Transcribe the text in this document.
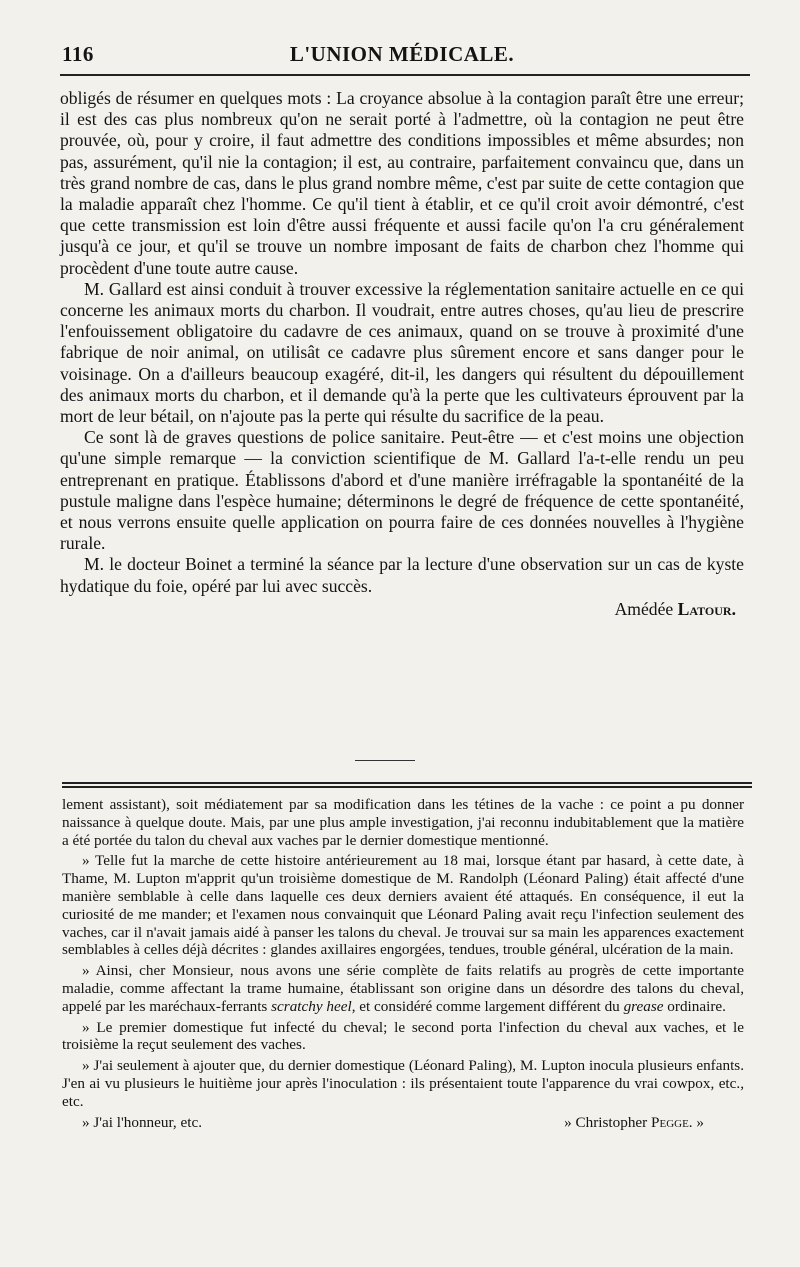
116	L'UNION MÉDICALE.

obligés de résumer en quelques mots : La croyance absolue à la contagion paraît être une erreur; il est des cas plus nombreux qu'on ne serait porté à l'admettre, où la contagion ne peut être prouvée, où, pour y croire, il faut admettre des conditions impossibles et même absurdes; non pas, assurément, qu'il nie la contagion; il est, au contraire, parfaitement convaincu que, dans un très grand nombre de cas, dans le plus grand nombre même, c'est par suite de cette contagion que la maladie apparaît chez l'homme. Ce qu'il tient à établir, et ce qu'il croit avoir démontré, c'est que cette transmission est loin d'être aussi fréquente et aussi facile qu'on l'a cru généralement jusqu'à ce jour, et qu'il se trouve un nombre imposant de faits de charbon chez l'homme qui procèdent d'une toute autre cause.

M. Gallard est ainsi conduit à trouver excessive la réglementation sanitaire actuelle en ce qui concerne les animaux morts du charbon. Il voudrait, entre autres choses, qu'au lieu de prescrire l'enfouissement obligatoire du cadavre de ces animaux, quand on se trouve à proximité d'une fabrique de noir animal, on utilisât ce cadavre plus sûrement encore et sans danger pour le voisinage. On a d'ailleurs beaucoup exagéré, dit-il, les dangers qui résultent du dépouillement des animaux morts du charbon, et il demande qu'à la perte que les cultivateurs éprouvent par la mort de leur bétail, on n'ajoute pas la perte qui résulte du sacrifice de la peau.

Ce sont là de graves questions de police sanitaire. Peut-être — et c'est moins une objection qu'une simple remarque — la conviction scientifique de M. Gallard l'a-t-elle rendu un peu entreprenant en pratique. Établissons d'abord et d'une manière irréfragable la spontanéité de la pustule maligne dans l'espèce humaine; déterminons le degré de fréquence de cette spontanéité, et nous verrons ensuite quelle application on pourra faire de ces données nouvelles à l'hygiène rurale.

M. le docteur Boinet a terminé la séance par la lecture d'une observation sur un cas de kyste hydatique du foie, opéré par lui avec succès.

Amédée Latour.

lement assistant), soit médiatement par sa modification dans les tétines de la vache : ce point a pu donner naissance à quelque doute. Mais, par une plus ample investigation, j'ai reconnu indubitablement que la matière a été portée du talon du cheval aux vaches par le dernier domestique mentionné.

» Telle fut la marche de cette histoire antérieurement au 18 mai, lorsque étant par hasard, à cette date, à Thame, M. Lupton m'apprit qu'un troisième domestique de M. Randolph (Léonard Paling) était affecté d'une manière semblable à celle dans laquelle ces deux derniers avaient été attaqués. En conséquence, il eut la curiosité de me mander; et l'examen nous convainquit que Léonard Paling avait reçu l'infection seulement des vaches, car il n'avait jamais aidé à panser les talons du cheval. Je trouvai sur sa main les apparences exactement semblables à celles déjà décrites : glandes axillaires engorgées, tendues, trouble général, ulcération de la main.

» Ainsi, cher Monsieur, nous avons une série complète de faits relatifs au progrès de cette importante maladie, comme affectant la trame humaine, établissant son origine dans un désordre des talons du cheval, appelé par les maréchaux-ferrants scratchy heel, et considéré comme largement différent du grease ordinaire.

» Le premier domestique fut infecté du cheval; le second porta l'infection du cheval aux vaches, et le troisième la reçut seulement des vaches.

» J'ai seulement à ajouter que, du dernier domestique (Léonard Paling), M. Lupton inocula plusieurs enfants. J'en ai vu plusieurs le huitième jour après l'inoculation : ils présentaient toute l'apparence du vrai cowpox, etc., etc.

» J'ai l'honneur, etc.	» Christopher Pegge. »
